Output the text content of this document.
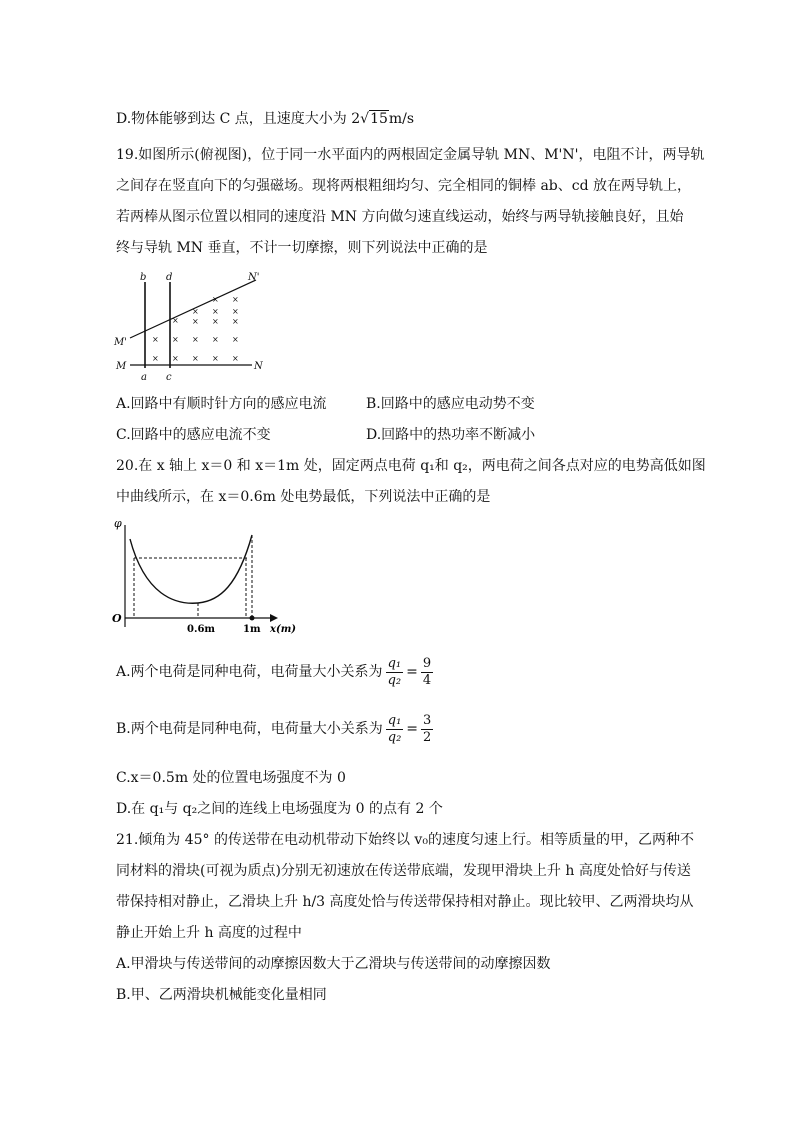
D.物体能够到达 C 点，且速度大小为 2√15m/s
19.如图所示(俯视图)，位于同一水平面内的两根固定金属导轨 MN、M'N'，电阻不计，两导轨
之间存在竖直向下的匀强磁场。现将两根粗细均匀、完全相同的铜棒 ab、cd 放在两导轨上，
若两棒从图示位置以相同的速度沿 MN 方向做匀速直线运动，始终与两导轨接触良好，且始
终与导轨 MN 垂直，不计一切摩擦，则下列说法中正确的是
× ×
× × ×
× × × ×
× × × × ×
× × × × ×
b d
a c
M
M'
N
N'
A.回路中有顺时针方向的感应电流	B.回路中的感应电动势不变
C.回路中的感应电流不变	D.回路中的热功率不断减小
20.在 x 轴上 x＝0 和 x＝1m 处，固定两点电荷 q₁和 q₂，两电荷之间各点对应的电势高低如图
中曲线所示，在 x＝0.6m 处电势最低，下列说法中正确的是
φ
O
0.6m	1m x(m)
A.两个电荷是同种电荷，电荷量大小关系为 $\frac{\text{q₁}}{\text{q₂}} = \frac{9}{4}$
B.两个电荷是同种电荷，电荷量大小关系为 $\frac{\text{q₁}}{\text{q₂}} = \frac{3}{2}$
C.x＝0.5m 处的位置电场强度不为 0
D.在 q₁与 q₂之间的连线上电场强度为 0 的点有 2 个
21.倾角为 45° 的传送带在电动机带动下始终以 v₀的速度匀速上行。相等质量的甲，乙两种不
同材料的滑块(可视为质点)分别无初速放在传送带底端，发现甲滑块上升 h 高度处恰好与传送
带保持相对静止，乙滑块上升 h/3 高度处恰与传送带保持相对静止。现比较甲、乙两滑块均从
静止开始上升 h 高度的过程中
A.甲滑块与传送带间的动摩擦因数大于乙滑块与传送带间的动摩擦因数
B.甲、乙两滑块机械能变化量相同
